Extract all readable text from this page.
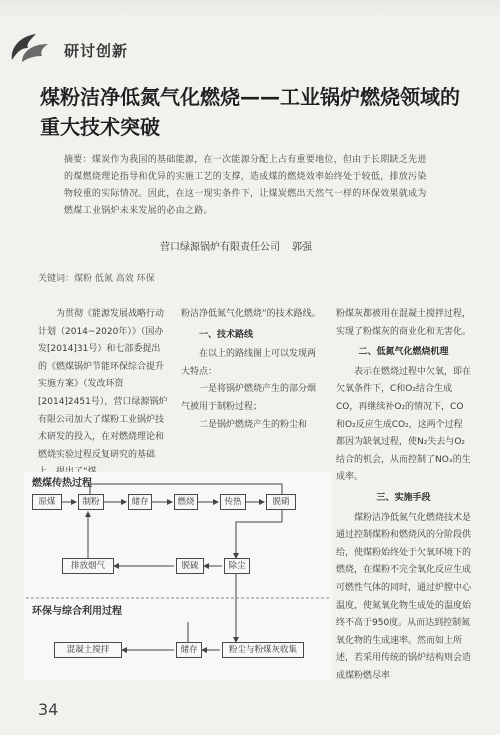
研讨创新
煤粉洁净低氮气化燃烧——工业锅炉燃烧领域的重大技术突破
摘要：煤炭作为我国的基础能源，在一次能源分配上占有重要地位，但由于长期缺乏先进的煤燃烧理论指导和优异的实施工艺的支撑，造成煤的燃烧效率始终处于较低，排放污染物较重的实际情况。因此，在这一现实条件下，让煤炭燃出天然气一样的环保效果就成为燃煤工业锅炉未来发展的必由之路。
营口绿源锅炉有限责任公司 郭强
关键词：煤粉 低氮 高效 环保

为贯彻《能源发展战略行动计划（2014~2020年）》（国办发[2014]31号）和七部委提出的《燃煤锅炉节能环保综合提升实施方案》（发改环资[2014]2451号），营口绿源锅炉有限公司加大了煤粉工业锅炉技术研发的投入，在对燃烧理论和燃烧实验过程反复研究的基础

粉洁净低氮气化燃烧”的技术路线。

一、技术路线

在以上的路线图上可以发现两大特点：

一是将锅炉燃烧产生的部分烟气被用于制粉过程；

二是锅炉燃烧产生的粉尘和

粉煤灰都被用在混凝土搅拌过程，实现了粉煤灰的商业化和无害化。

二、低氮气化燃烧机理

表示在燃烧过程中欠氧，即在欠氧条件下，C和O₂结合生成CO，再继续补O₂的情况下，CO和O₂反应生成CO₂，这两个过程都因为缺氧过程，使N₂失去与O₂结合的机会，从而控制了NOₓ的生成率。

三、实施手段

煤粉洁净低氮气化燃烧技术是通过控制煤粉和燃烧风的分阶段供给，使煤粉始终处于欠氧环境下的燃烧，在煤粉不完全氧化反应生成可燃性气体的同时，通过炉膛中心温度，使氮氧化物生成处的温度始终不高于950度。从而达到控制氮氧化物的生成速率。然而如上所述，若采用传统的锅炉结构则会造成煤粉燃尽率

燃煤传热过程
环保与综合利用过程
原煤	制粉	储存	燃烧	传热	脱硝
排放烟气	脱硫	除尘
混凝土搅拌	储存	粉尘与粉煤灰收集
34
